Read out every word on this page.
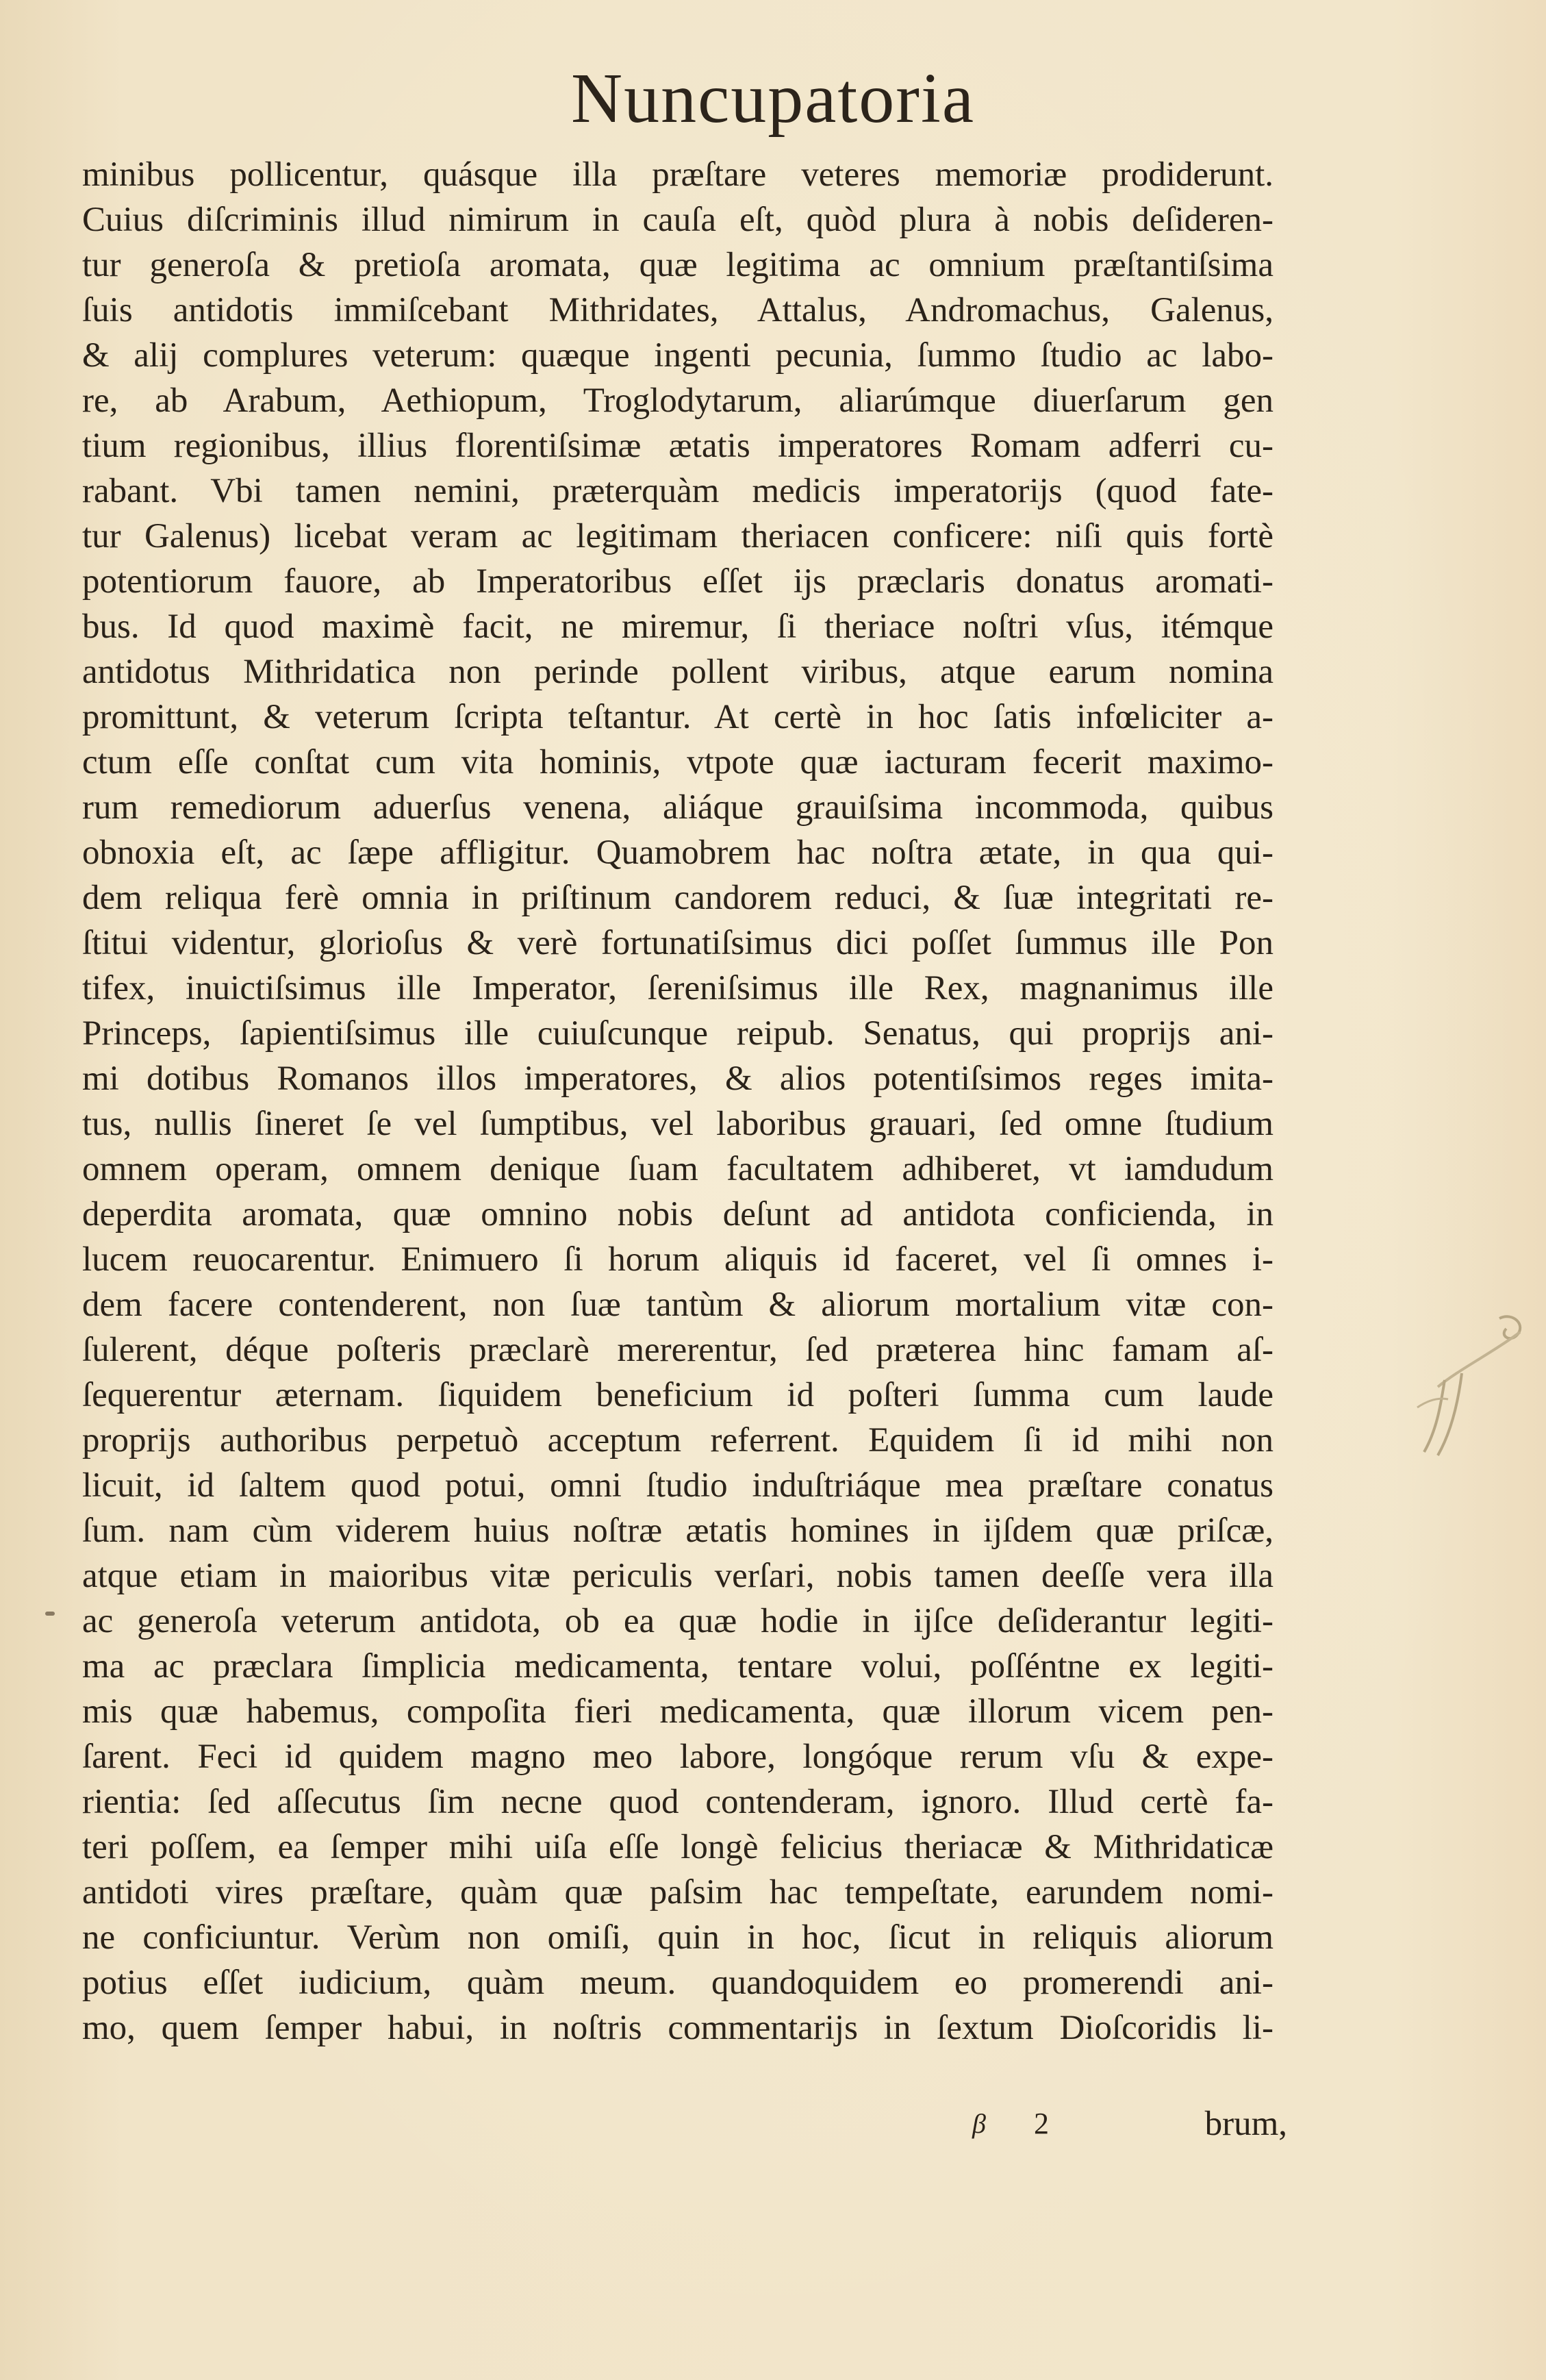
Nuncupatoria
minibus pollicentur, quásque illa præſtare veteres memoriæ prodiderunt.
Cuius diſcriminis illud nimirum in cauſa eſt, quòd plura à nobis deſideren-
tur generoſa & pretioſa aromata, quæ legitima ac omnium præſtantiſsima
ſuis antidotis immiſcebant Mithridates, Attalus, Andromachus, Galenus,
& alij complures veterum: quæque ingenti pecunia, ſummo ſtudio ac labo-
re, ab Arabum, Aethiopum, Troglodytarum, aliarúmque diuerſarum gen
tium regionibus, illius florentiſsimæ ætatis imperatores Romam adferri cu-
rabant. Vbi tamen nemini, præterquàm medicis imperatorijs (quod fate-
tur Galenus) licebat veram ac legitimam theriacen conficere: niſi quis fortè
potentiorum fauore, ab Imperatoribus eſſet ijs præclaris donatus aromati-
bus. Id quod maximè facit, ne miremur, ſi theriace noſtri vſus, itémque
antidotus Mithridatica non perinde pollent viribus, atque earum nomina
promittunt, & veterum ſcripta teſtantur. At certè in hoc ſatis infœliciter a-
ctum eſſe conſtat cum vita hominis, vtpote quæ iacturam fecerit maximo-
rum remediorum aduerſus venena, aliáque grauiſsima incommoda, quibus
obnoxia eſt, ac ſæpe affligitur. Quamobrem hac noſtra ætate, in qua qui-
dem reliqua ferè omnia in priſtinum candorem reduci, & ſuæ integritati re-
ſtitui videntur, glorioſus & verè fortunatiſsimus dici poſſet ſummus ille Pon
tifex, inuictiſsimus ille Imperator, ſereniſsimus ille Rex, magnanimus ille
Princeps, ſapientiſsimus ille cuiuſcunque reipub. Senatus, qui proprijs ani-
mi dotibus Romanos illos imperatores, & alios potentiſsimos reges imita-
tus, nullis ſineret ſe vel ſumptibus, vel laboribus grauari, ſed omne ſtudium
omnem operam, omnem denique ſuam facultatem adhiberet, vt iamdudum
deperdita aromata, quæ omnino nobis deſunt ad antidota conficienda, in
lucem reuocarentur. Enimuero ſi horum aliquis id faceret, vel ſi omnes i-
dem facere contenderent, non ſuæ tantùm & aliorum mortalium vitæ con-
ſulerent, déque poſteris præclarè mererentur, ſed præterea hinc famam aſ-
ſequerentur æternam. ſiquidem beneficium id poſteri ſumma cum laude
proprijs authoribus perpetuò acceptum referrent. Equidem ſi id mihi non
licuit, id ſaltem quod potui, omni ſtudio induſtriáque mea præſtare conatus
ſum. nam cùm viderem huius noſtræ ætatis homines in ijſdem quæ priſcæ,
atque etiam in maioribus vitæ periculis verſari, nobis tamen deeſſe vera illa
ac generoſa veterum antidota, ob ea quæ hodie in ijſce deſiderantur legiti-
ma ac præclara ſimplicia medicamenta, tentare volui, poſſéntne ex legiti-
mis quæ habemus, compoſita fieri medicamenta, quæ illorum vicem pen-
ſarent. Feci id quidem magno meo labore, longóque rerum vſu & expe-
rientia: ſed aſſecutus ſim necne quod contenderam, ignoro. Illud certè fa-
teri poſſem, ea ſemper mihi uiſa eſſe longè felicius theriacæ & Mithridaticæ
antidoti vires præſtare, quàm quæ paſsim hac tempeſtate, earundem nomi-
ne conficiuntur. Verùm non omiſi, quin in hoc, ſicut in reliquis aliorum
potius eſſet iudicium, quàm meum. quandoquidem eo promerendi ani-
mo, quem ſemper habui, in noſtris commentarijs in ſextum Dioſcoridis li-
β 2	brum,
